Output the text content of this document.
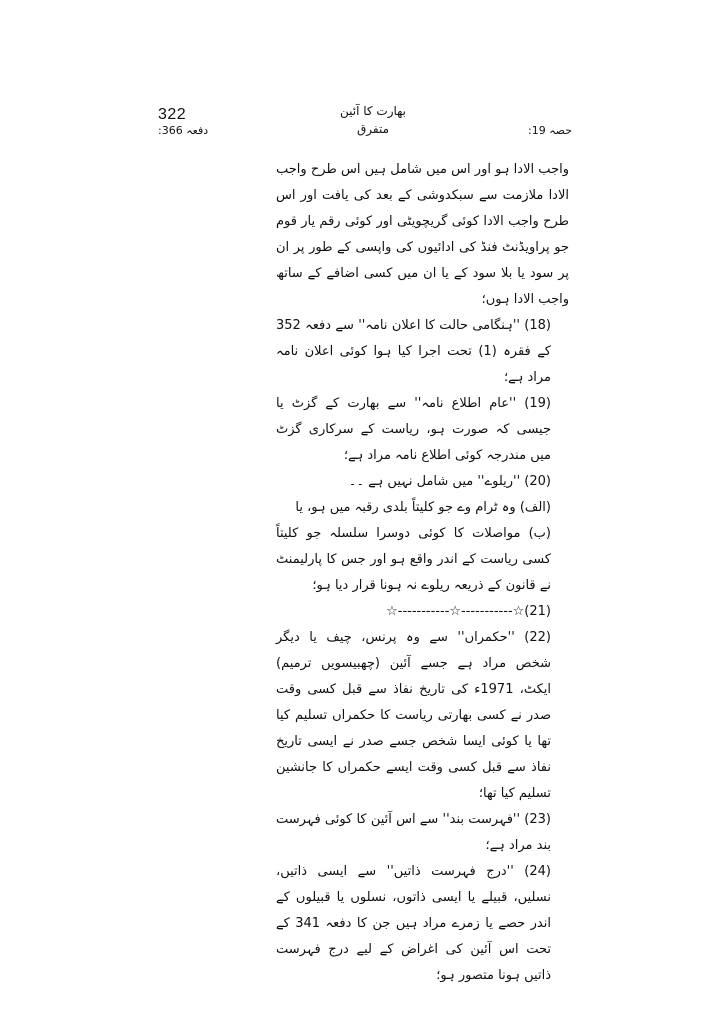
322	بھارت کا آئین
متفرق
دفعہ 366:	حصہ 19:

واجب الادا ہو اور اس میں شامل ہیں اس طرح واجب الادا ملازمت سے سبکدوشی کے بعد کی یافت اور اس طرح واجب الادا کوئی گریچویٹی اور کوئی رقم یار قوم جو پراویڈنٹ فنڈ کی ادائیوں کی واپسی کے طور پر ان پر سود یا بلا سود کے یا ان میں کسی اضافے کے ساتھ واجب الادا ہوں؛

(18) ''ہنگامی حالت کا اعلان نامہ'' سے دفعہ 352 کے فقرہ (1) تحت اجرا کیا ہوا کوئی اعلان نامہ مراد ہے؛

(19) ''عام اطلاع نامہ'' سے بھارت کے گزٹ یا جیسی کہ صورت ہو، ریاست کے سرکاری گزٹ میں مندرجہ کوئی اطلاع نامہ مراد ہے؛

(20) ''ریلوے'' میں شامل نہیں ہے ۔۔

(الف) وہ ٹرام وے جو کلیتاً بلدی رقبہ میں ہو، یا

(ب) مواصلات کا کوئی دوسرا سلسلہ جو کلیتاً کسی ریاست کے اندر واقع ہو اور جس کا پارلیمنٹ نے قانون کے ذریعہ ریلوے نہ ہونا قرار دیا ہو؛

(21)☆-----------☆-----------☆

(22) ''حکمراں'' سے وہ پرنس، چیف یا دیگر شخص مراد ہے جسے آئین (چھبیسویں ترمیم) ایکٹ، 1971ء کی تاریخ نفاذ سے قبل کسی وقت صدر نے کسی بھارتی ریاست کا حکمراں تسلیم کیا تھا یا کوئی ایسا شخص جسے صدر نے ایسی تاریخ نفاذ سے قبل کسی وقت ایسے حکمراں کا جانشین تسلیم کیا تھا؛

(23) ''فہرست بند'' سے اس آئین کا کوئی فہرست بند مراد ہے؛

(24) ''درج فہرست ذاتیں'' سے ایسی ذاتیں، نسلیں، قبیلے یا ایسی ذاتوں، نسلوں یا قبیلوں کے اندر حصے یا زمرے مراد ہیں جن کا دفعہ 341 کے تحت اس آئین کی اغراض کے لیے درج فہرست ذاتیں ہونا متصور ہو؛
